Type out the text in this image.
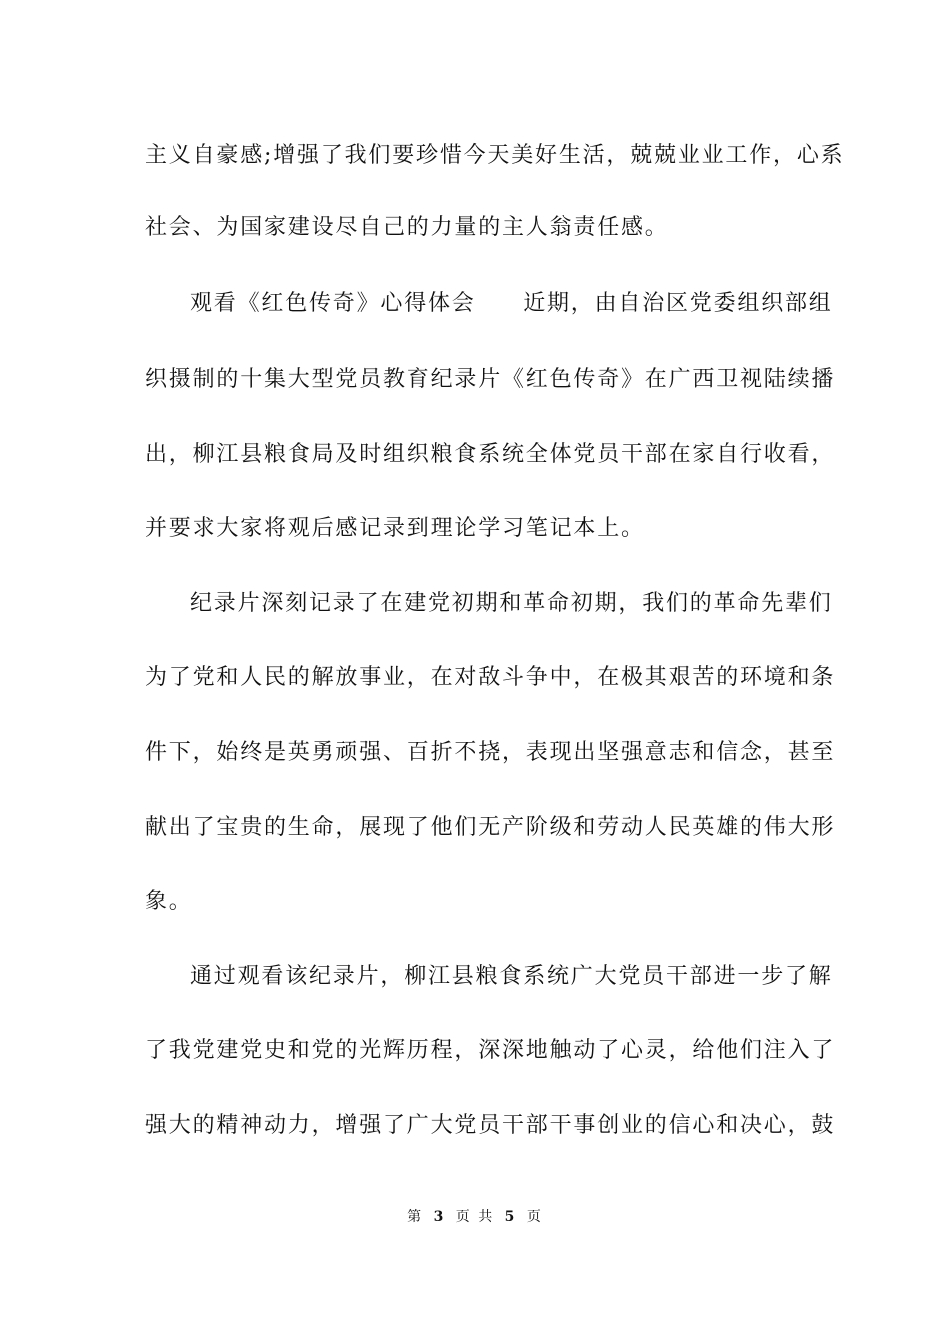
主义自豪感;增强了我们要珍惜今天美好生活，兢兢业业工作，心系
社会、为国家建设尽自己的力量的主人翁责任感。
观看《红色传奇》心得体会　　近期，由自治区党委组织部组
织摄制的十集大型党员教育纪录片《红色传奇》在广西卫视陆续播
出，柳江县粮食局及时组织粮食系统全体党员干部在家自行收看，
并要求大家将观后感记录到理论学习笔记本上。
纪录片深刻记录了在建党初期和革命初期，我们的革命先辈们
为了党和人民的解放事业，在对敌斗争中，在极其艰苦的环境和条
件下，始终是英勇顽强、百折不挠，表现出坚强意志和信念，甚至
献出了宝贵的生命，展现了他们无产阶级和劳动人民英雄的伟大形
象。
通过观看该纪录片，柳江县粮食系统广大党员干部进一步了解
了我党建党史和党的光辉历程，深深地触动了心灵，给他们注入了
强大的精神动力，增强了广大党员干部干事创业的信心和决心，鼓
第 3 页 共 5 页
